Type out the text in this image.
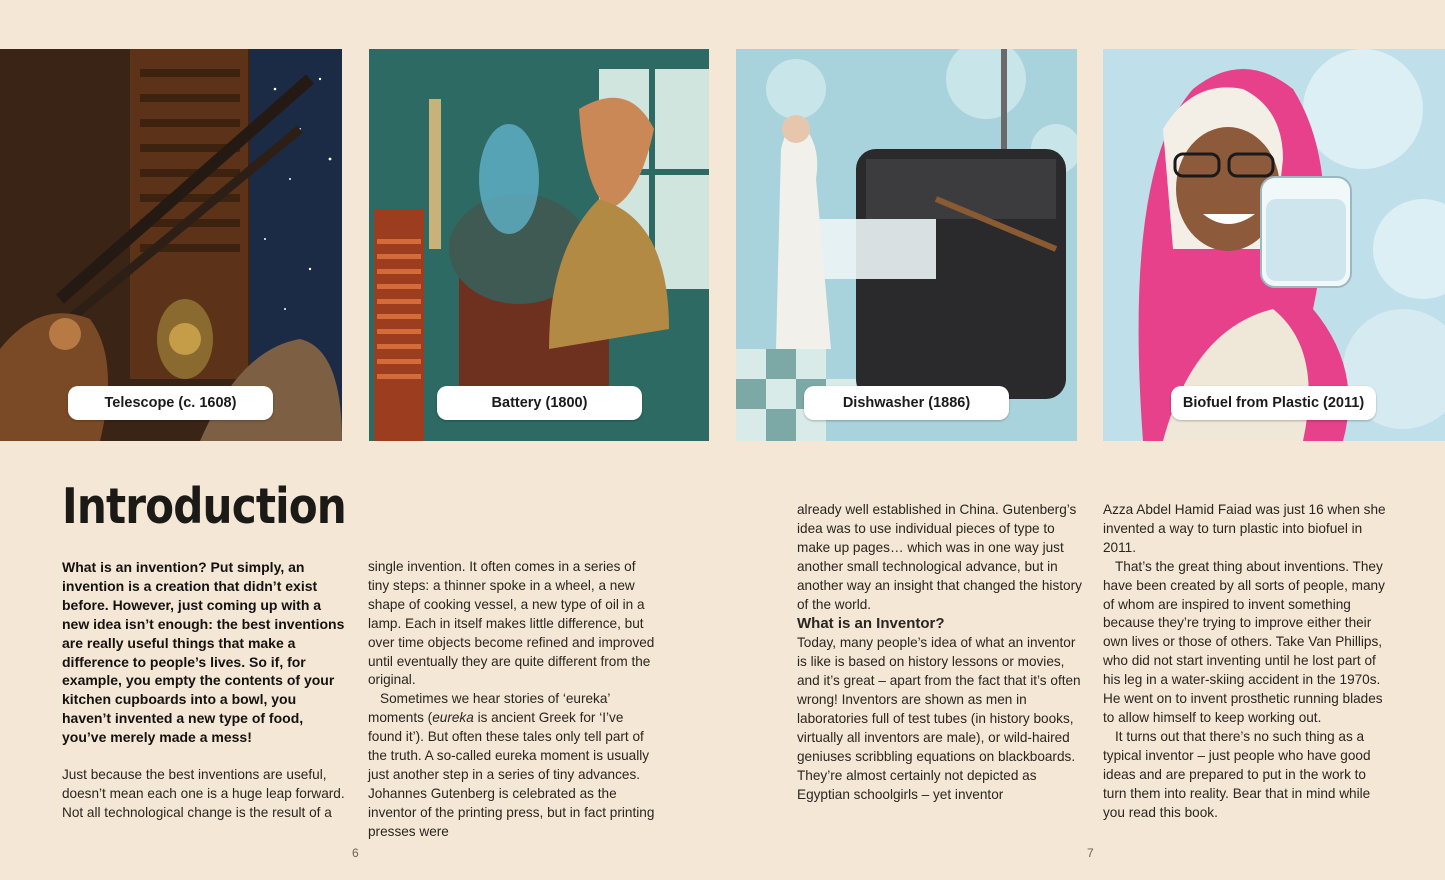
Telescope (c. 1608)	Battery (1800)	Dishwasher (1886)	Biofuel from Plastic (2011)
Introduction

What is an invention? Put simply, an invention is a creation that didn’t exist before. However, just coming up with a new idea isn’t enough: the best inventions are really useful things that make a difference to people’s lives. So if, for example, you empty the contents of your kitchen cupboards into a bowl, you haven’t invented a new type of food, you’ve merely made a mess!

Just because the best inventions are useful, doesn’t mean each one is a huge leap forward. Not all technological change is the result of a

single invention. It often comes in a series of tiny steps: a thinner spoke in a wheel, a new shape of cooking vessel, a new type of oil in a lamp. Each in itself makes little difference, but over time objects become refined and improved until eventually they are quite different from the original.

Sometimes we hear stories of ‘eureka’ moments (eureka is ancient Greek for ‘I’ve found it’). But often these tales only tell part of the truth. A so-called eureka moment is usually just another step in a series of tiny advances. Johannes Gutenberg is celebrated as the inventor of the printing press, but in fact printing presses were

already well established in China. Gutenberg’s idea was to use individual pieces of type to make up pages… which was in one way just another small technological advance, but in another way an insight that changed the history of the world.

What is an Inventor?

Today, many people’s idea of what an inventor is like is based on history lessons or movies, and it’s great – apart from the fact that it’s often wrong! Inventors are shown as men in laboratories full of test tubes (in history books, virtually all inventors are male), or wild-haired geniuses scribbling equations on blackboards. They’re almost certainly not depicted as Egyptian schoolgirls – yet inventor

Azza Abdel Hamid Faiad was just 16 when she invented a way to turn plastic into biofuel in 2011.

That’s the great thing about inventions. They have been created by all sorts of people, many of whom are inspired to invent something because they’re trying to improve either their own lives or those of others. Take Van Phillips, who did not start inventing until he lost part of his leg in a water-skiing accident in the 1970s. He went on to invent prosthetic running blades to allow himself to keep working out.

It turns out that there’s no such thing as a typical inventor – just people who have good ideas and are prepared to put in the work to turn them into reality. Bear that in mind while you read this book.

6	7
